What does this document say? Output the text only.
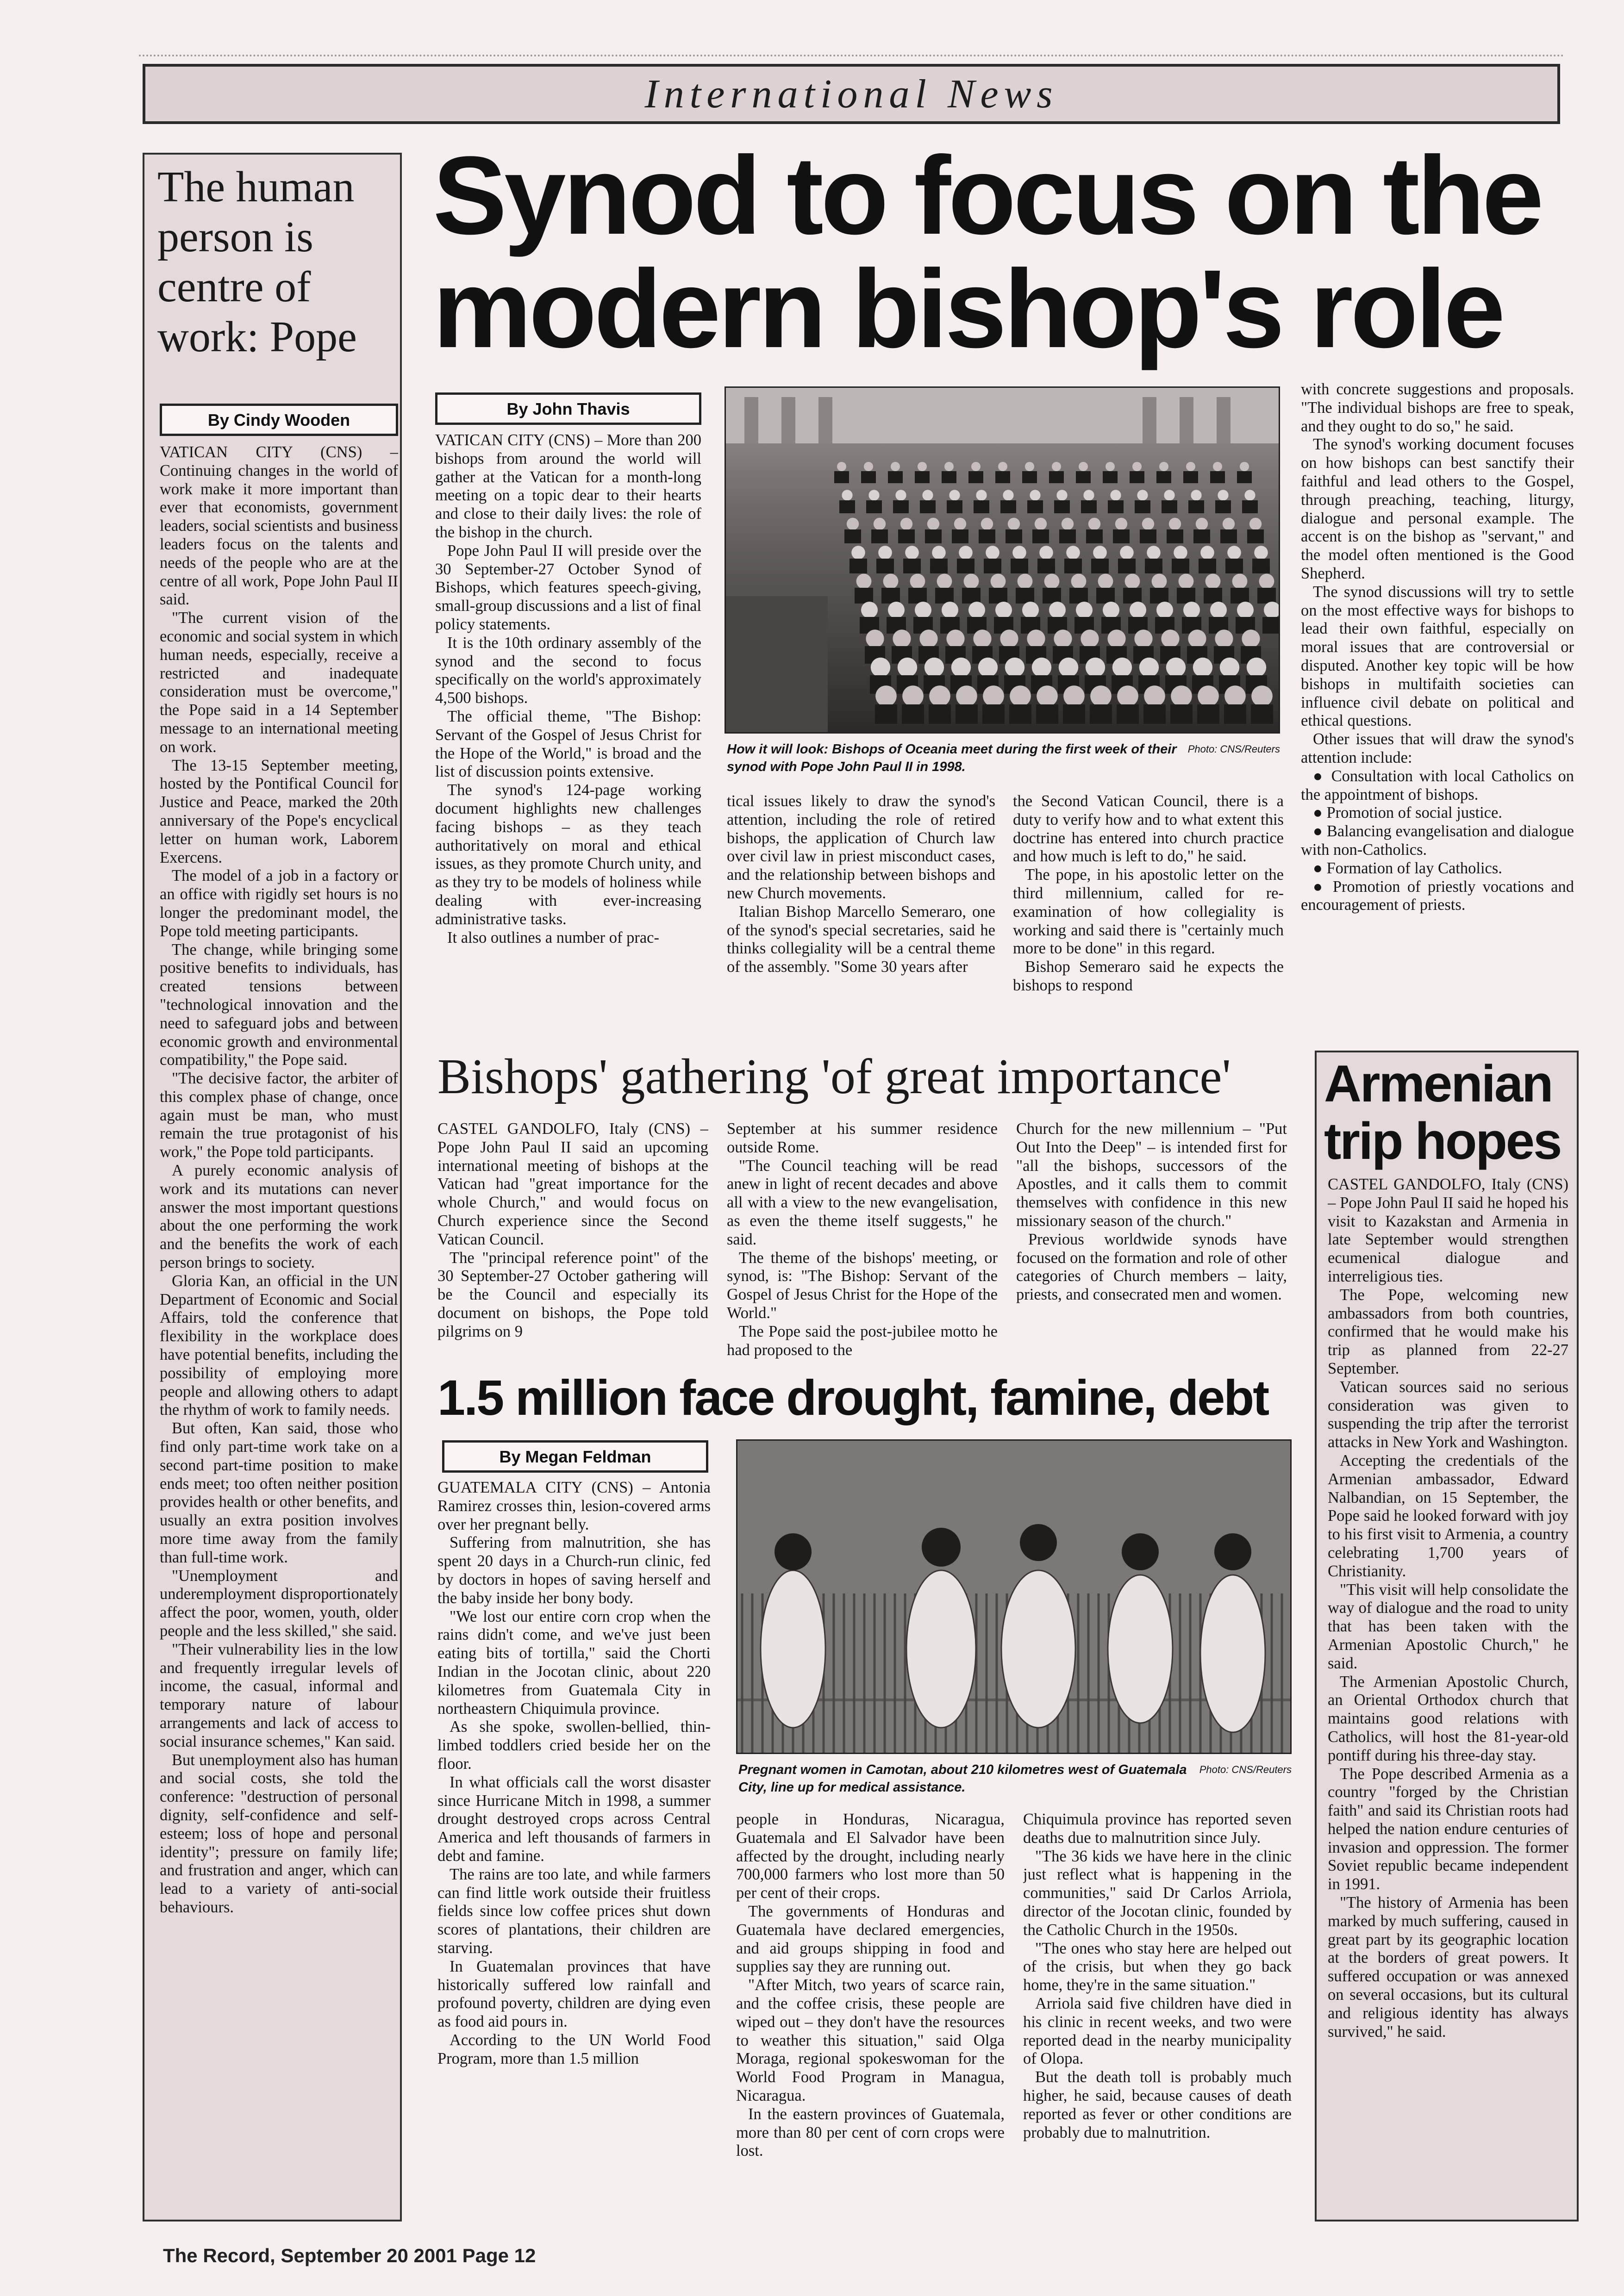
International News
The human person is centre of work: Pope
By Cindy Wooden

VATICAN CITY (CNS) – Continuing changes in the world of work make it more important than ever that economists, government leaders, social scientists and business leaders focus on the talents and needs of the people who are at the centre of all work, Pope John Paul II said.

"The current vision of the economic and social system in which human needs, especially, receive a restricted and inadequate consideration must be overcome," the Pope said in a 14 September message to an international meeting on work.

The 13-15 September meeting, hosted by the Pontifical Council for Justice and Peace, marked the 20th anniversary of the Pope's encyclical letter on human work, Laborem Exercens.

The model of a job in a factory or an office with rigidly set hours is no longer the predominant model, the Pope told meeting participants.

The change, while bringing some positive benefits to individuals, has created tensions between "technological innovation and the need to safeguard jobs and between economic growth and environmental compatibility," the Pope said.

"The decisive factor, the arbiter of this complex phase of change, once again must be man, who must remain the true protagonist of his work," the Pope told participants.

A purely economic analysis of work and its mutations can never answer the most important questions about the one performing the work and the benefits the work of each person brings to society.

Gloria Kan, an official in the UN Department of Economic and Social Affairs, told the conference that flexibility in the workplace does have potential benefits, including the possibility of employing more people and allowing others to adapt the rhythm of work to family needs.

But often, Kan said, those who find only part-time work take on a second part-time position to make ends meet; too often neither position provides health or other benefits, and usually an extra position involves more time away from the family than full-time work.

"Unemployment and underemployment disproportionately affect the poor, women, youth, older people and the less skilled," she said.

"Their vulnerability lies in the low and frequently irregular levels of income, the casual, informal and temporary nature of labour arrangements and lack of access to social insurance schemes," Kan said.

But unemployment also has human and social costs, she told the conference: "destruction of personal dignity, self-confidence and self-esteem; loss of hope and personal identity"; pressure on family life; and frustration and anger, which can lead to a variety of anti-social behaviours.

Synod to focus on the
modern bishop's role
By John Thavis

VATICAN CITY (CNS) – More than 200 bishops from around the world will gather at the Vatican for a month-long meeting on a topic dear to their hearts and close to their daily lives: the role of the bishop in the church.

Pope John Paul II will preside over the 30 September-27 October Synod of Bishops, which features speech-giving, small-group discussions and a list of final policy statements.

It is the 10th ordinary assembly of the synod and the second to focus specifically on the world's approximately 4,500 bishops.

The official theme, "The Bishop: Servant of the Gospel of Jesus Christ for the Hope of the World," is broad and the list of discussion points extensive.

The synod's 124-page working document highlights new challenges facing bishops – as they teach authoritatively on moral and ethical issues, as they promote Church unity, and as they try to be models of holiness while dealing with ever-increasing administrative tasks.

It also outlines a number of prac-

Photo: CNS/Reuters
How it will look: Bishops of Oceania meet during the first week of their synod with Pope John Paul II in 1998.

tical issues likely to draw the synod's attention, including the role of retired bishops, the application of Church law over civil law in priest misconduct cases, and the relationship between bishops and new Church movements.

Italian Bishop Marcello Semeraro, one of the synod's special secretaries, said he thinks collegiality will be a central theme of the assembly. "Some 30 years after

the Second Vatican Council, there is a duty to verify how and to what extent this doctrine has entered into church practice and how much is left to do," he said.

The pope, in his apostolic letter on the third millennium, called for re-examination of how collegiality is working and said there is "certainly much more to be done" in this regard.

Bishop Semeraro said he expects the bishops to respond

with concrete suggestions and proposals. "The individual bishops are free to speak, and they ought to do so," he said.

The synod's working document focuses on how bishops can best sanctify their faithful and lead others to the Gospel, through preaching, teaching, liturgy, dialogue and personal example. The accent is on the bishop as "servant," and the model often mentioned is the Good Shepherd.

The synod discussions will try to settle on the most effective ways for bishops to lead their own faithful, especially on moral issues that are controversial or disputed. Another key topic will be how bishops in multifaith societies can influence civil debate on political and ethical questions.

Other issues that will draw the synod's attention include:

● Consultation with local Catholics on the appointment of bishops.

● Promotion of social justice.

● Balancing evangelisation and dialogue with non-Catholics.

● Formation of lay Catholics.

● Promotion of priestly vocations and encouragement of priests.

Bishops' gathering 'of great importance'

CASTEL GANDOLFO, Italy (CNS) – Pope John Paul II said an upcoming international meeting of bishops at the Vatican had "great importance for the whole Church," and would focus on Church experience since the Second Vatican Council.

The "principal reference point" of the 30 September-27 October gathering will be the Council and especially its document on bishops, the Pope told pilgrims on 9

September at his summer residence outside Rome.

"The Council teaching will be read anew in light of recent decades and above all with a view to the new evangelisation, as even the theme itself suggests," he said.

The theme of the bishops' meeting, or synod, is: "The Bishop: Servant of the Gospel of Jesus Christ for the Hope of the World."

The Pope said the post-jubilee motto he had proposed to the

Church for the new millennium – "Put Out Into the Deep" – is intended first for "all the bishops, successors of the Apostles, and it calls them to commit themselves with confidence in this new missionary season of the church."

Previous worldwide synods have focused on the formation and role of other categories of Church members – laity, priests, and consecrated men and women.

Armenian trip hopes

CASTEL GANDOLFO, Italy (CNS) – Pope John Paul II said he hoped his visit to Kazakstan and Armenia in late September would strengthen ecumenical dialogue and interreligious ties.

The Pope, welcoming new ambassadors from both countries, confirmed that he would make his trip as planned from 22-27 September.

Vatican sources said no serious consideration was given to suspending the trip after the terrorist attacks in New York and Washington.

Accepting the credentials of the Armenian ambassador, Edward Nalbandian, on 15 September, the Pope said he looked forward with joy to his first visit to Armenia, a country celebrating 1,700 years of Christianity.

"This visit will help consolidate the way of dialogue and the road to unity that has been taken with the Armenian Apostolic Church," he said.

The Armenian Apostolic Church, an Oriental Orthodox church that maintains good relations with Catholics, will host the 81-year-old pontiff during his three-day stay.

The Pope described Armenia as a country "forged by the Christian faith" and said its Christian roots had helped the nation endure centuries of invasion and oppression. The former Soviet republic became independent in 1991.

"The history of Armenia has been marked by much suffering, caused in great part by its geographic location at the borders of great powers. It suffered occupation or was annexed on several occasions, but its cultural and religious identity has always survived," he said.

1.5 million face drought, famine, debt
By Megan Feldman

GUATEMALA CITY (CNS) – Antonia Ramirez crosses thin, lesion-covered arms over her pregnant belly.

Suffering from malnutrition, she has spent 20 days in a Church-run clinic, fed by doctors in hopes of saving herself and the baby inside her bony body.

"We lost our entire corn crop when the rains didn't come, and we've just been eating bits of tortilla," said the Chorti Indian in the Jocotan clinic, about 220 kilometres from Guatemala City in northeastern Chiquimula province.

As she spoke, swollen-bellied, thin-limbed toddlers cried beside her on the floor.

In what officials call the worst disaster since Hurricane Mitch in 1998, a summer drought destroyed crops across Central America and left thousands of farmers in debt and famine.

The rains are too late, and while farmers can find little work outside their fruitless fields since low coffee prices shut down scores of plantations, their children are starving.

In Guatemalan provinces that have historically suffered low rainfall and profound poverty, children are dying even as food aid pours in.

According to the UN World Food Program, more than 1.5 million

Photo: CNS/Reuters
Pregnant women in Camotan, about 210 kilometres west of Guatemala City, line up for medical assistance.

people in Honduras, Nicaragua, Guatemala and El Salvador have been affected by the drought, including nearly 700,000 farmers who lost more than 50 per cent of their crops.

The governments of Honduras and Guatemala have declared emergencies, and aid groups shipping in food and supplies say they are running out.

"After Mitch, two years of scarce rain, and the coffee crisis, these people are wiped out – they don't have the resources to weather this situation," said Olga Moraga, regional spokeswoman for the World Food Program in Managua, Nicaragua.

In the eastern provinces of Guatemala, more than 80 per cent of corn crops were lost.

Chiquimula province has reported seven deaths due to malnutrition since July.

"The 36 kids we have here in the clinic just reflect what is happening in the communities," said Dr Carlos Arriola, director of the Jocotan clinic, founded by the Catholic Church in the 1950s.

"The ones who stay here are helped out of the crisis, but when they go back home, they're in the same situation."

Arriola said five children have died in his clinic in recent weeks, and two were reported dead in the nearby municipality of Olopa.

But the death toll is probably much higher, he said, because causes of death reported as fever or other conditions are probably due to malnutrition.

The Record, September 20 2001 Page 12
